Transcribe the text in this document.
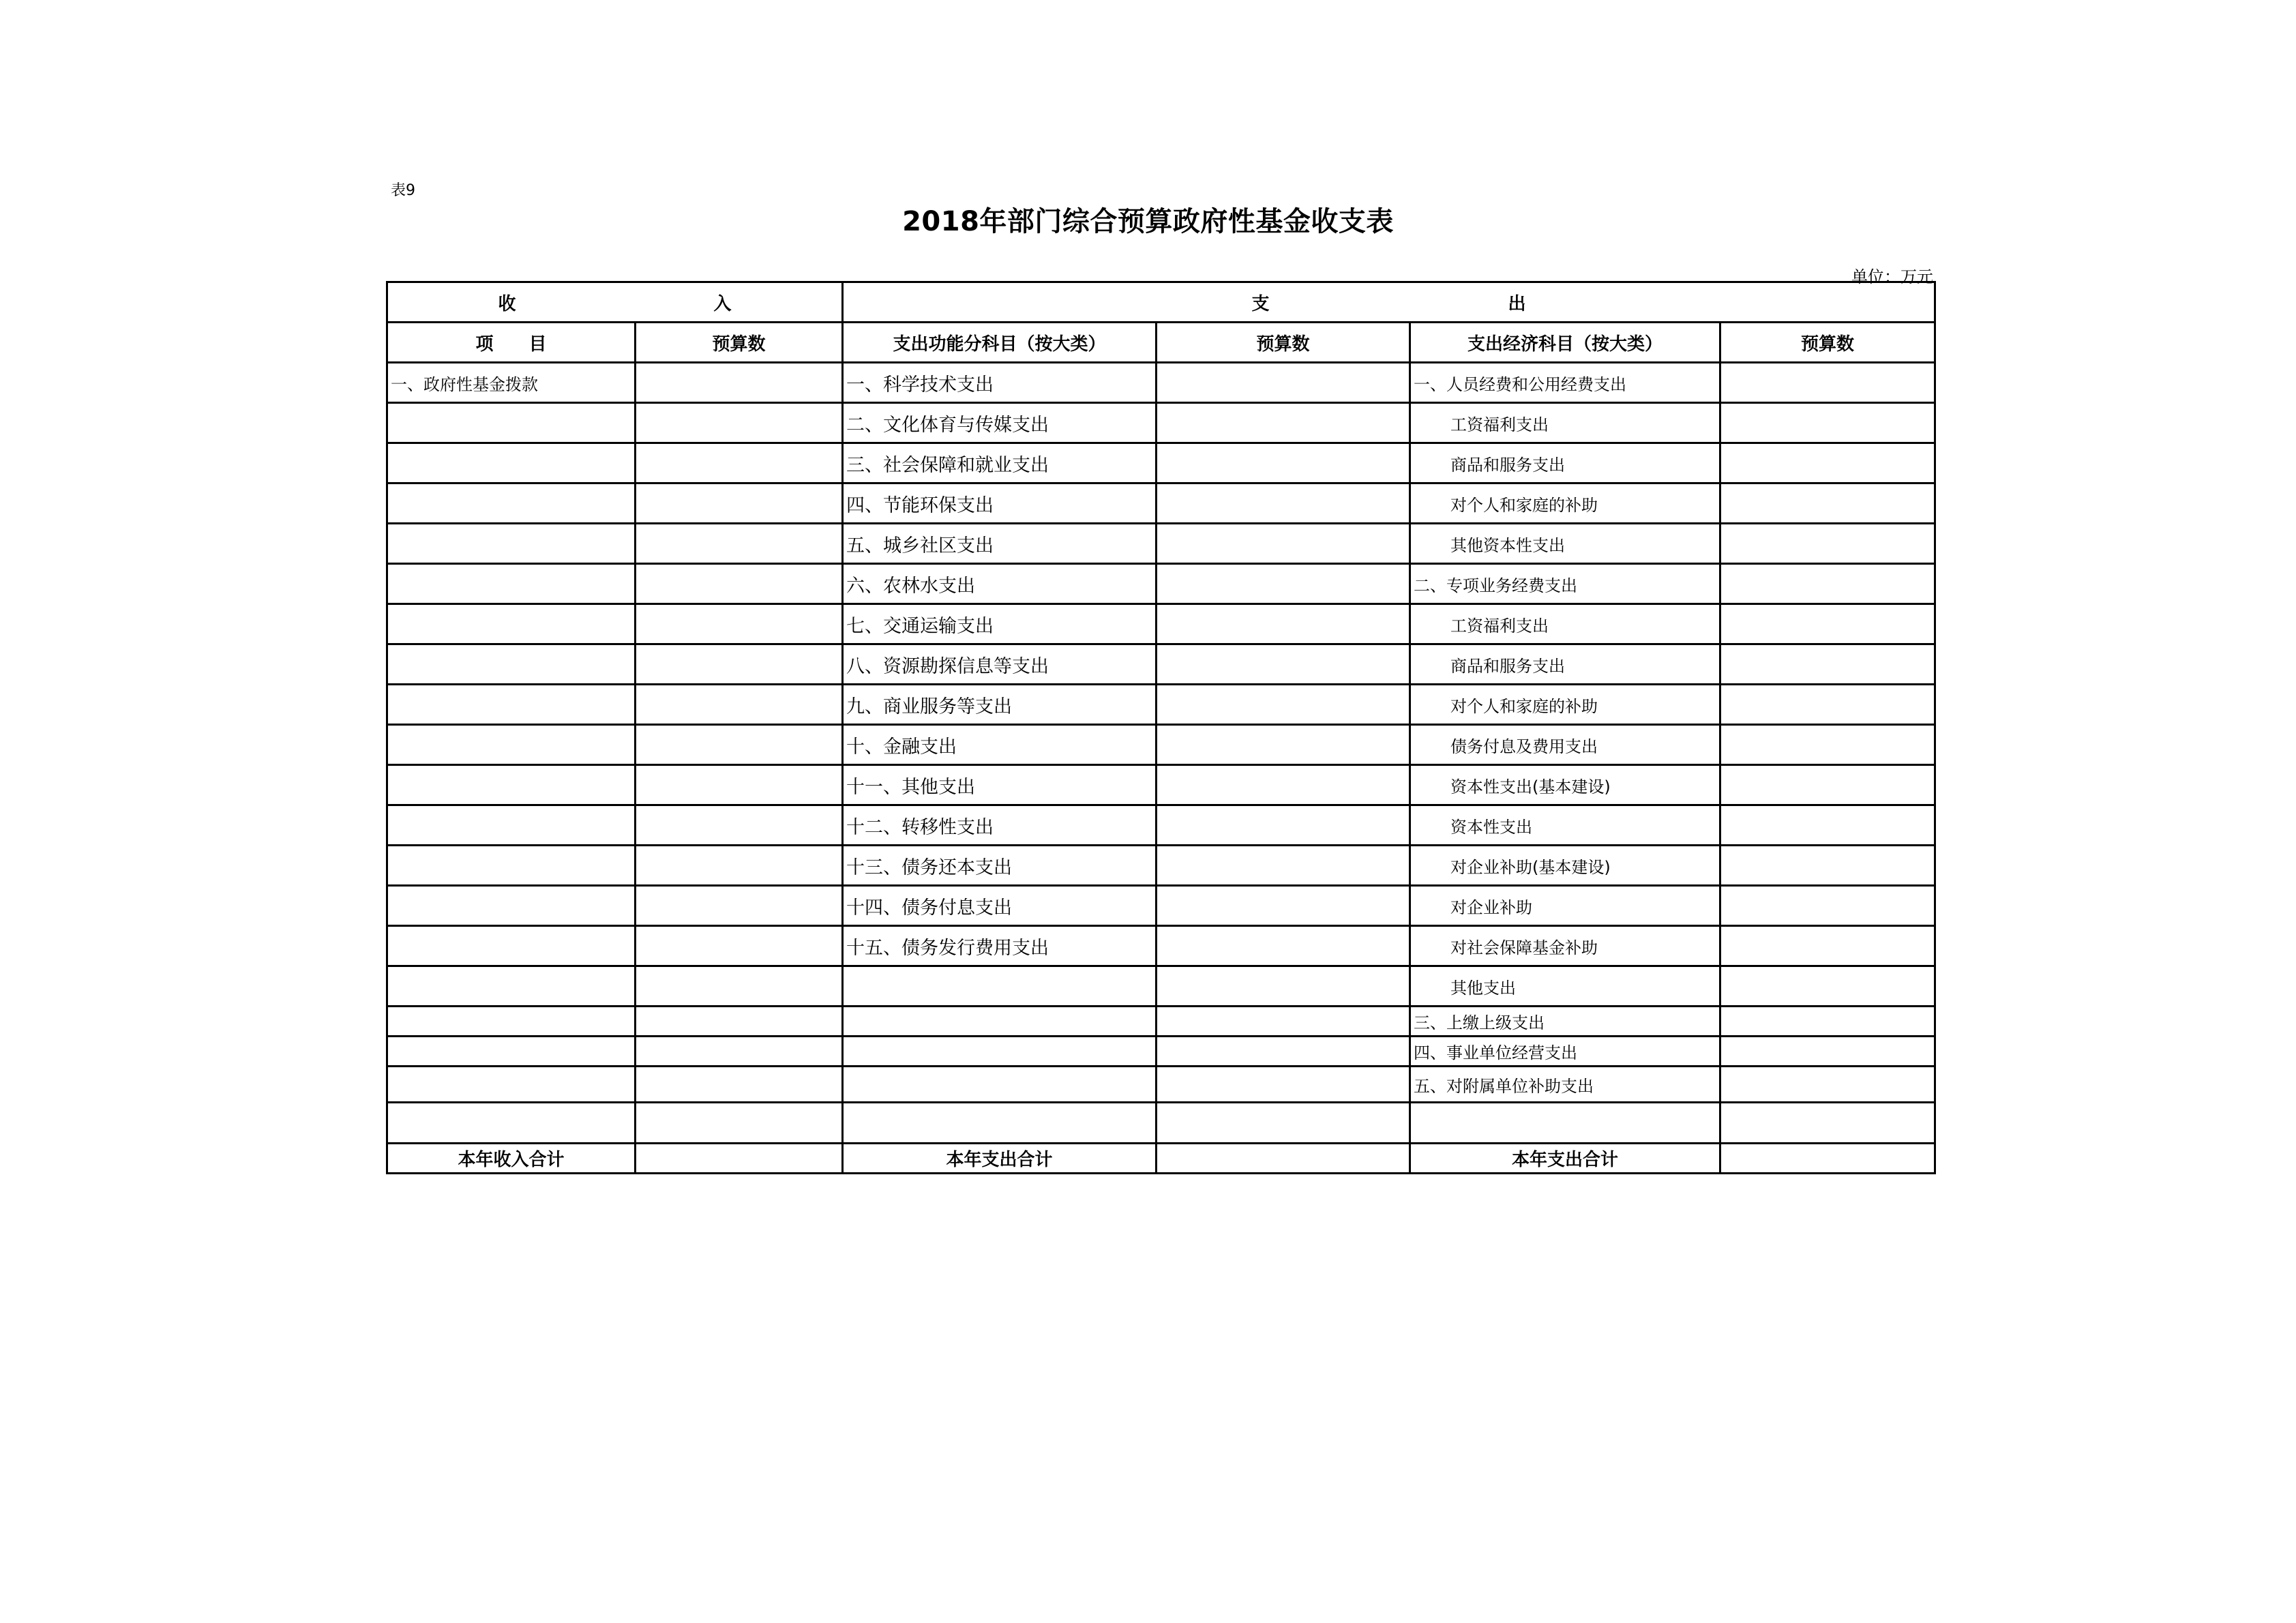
表9
2018年部门综合预算政府性基金收支表
单位：万元
收 入		支 出			
项 目	预算数	支出功能分科目（按大类）	预算数	支出经济科目（按大类）	预算数
一、政府性基金拨款		一、科学技术支出		一、人员经费和公用经费支出	
		二、文化体育与传媒支出		工资福利支出	
		三、社会保障和就业支出		商品和服务支出	
		四、节能环保支出		对个人和家庭的补助	
		五、城乡社区支出		其他资本性支出	
		六、农林水支出		二、专项业务经费支出	
		七、交通运输支出		工资福利支出	
		八、资源勘探信息等支出		商品和服务支出	
		九、商业服务等支出		对个人和家庭的补助	
		十、金融支出		债务付息及费用支出	
		十一、其他支出		资本性支出(基本建设)	
		十二、转移性支出		资本性支出	
		十三、债务还本支出		对企业补助(基本建设)	
		十四、债务付息支出		对企业补助	
		十五、债务发行费用支出		对社会保障基金补助	
				其他支出	
				三、上缴上级支出	
				四、事业单位经营支出	
				五、对附属单位补助支出	

本年收入合计		本年支出合计		本年支出合计	
